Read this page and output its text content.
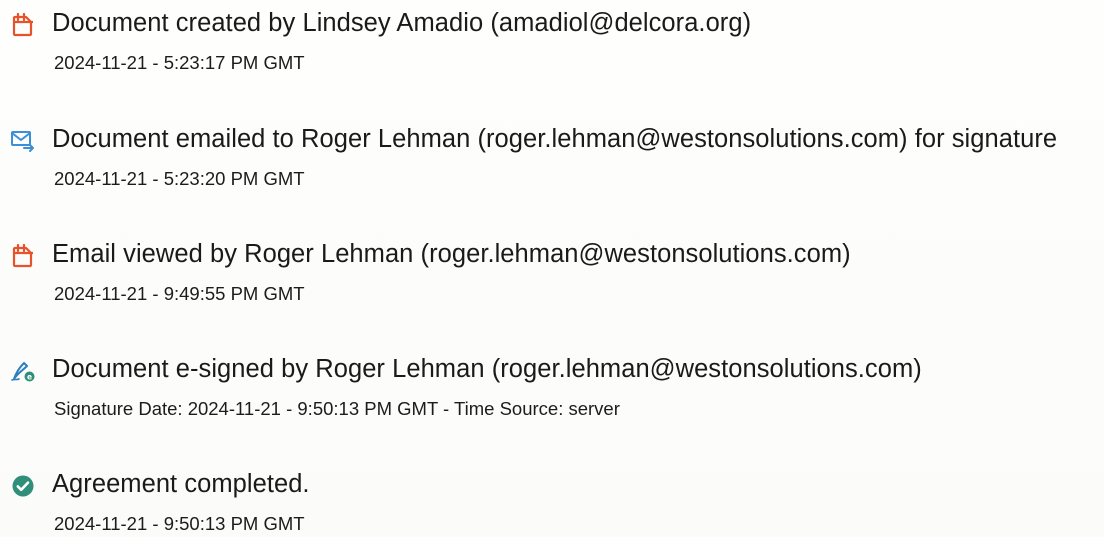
Document created by Lindsey Amadio (amadiol@delcora.org)
2024-11-21 - 5:23:17 PM GMT
Document emailed to Roger Lehman (roger.lehman@westonsolutions.com) for signature
2024-11-21 - 5:23:20 PM GMT
Email viewed by Roger Lehman (roger.lehman@westonsolutions.com)
2024-11-21 - 9:49:55 PM GMT
e Document e-signed by Roger Lehman (roger.lehman@westonsolutions.com)
Signature Date: 2024-11-21 - 9:50:13 PM GMT - Time Source: server
Agreement completed.
2024-11-21 - 9:50:13 PM GMT
